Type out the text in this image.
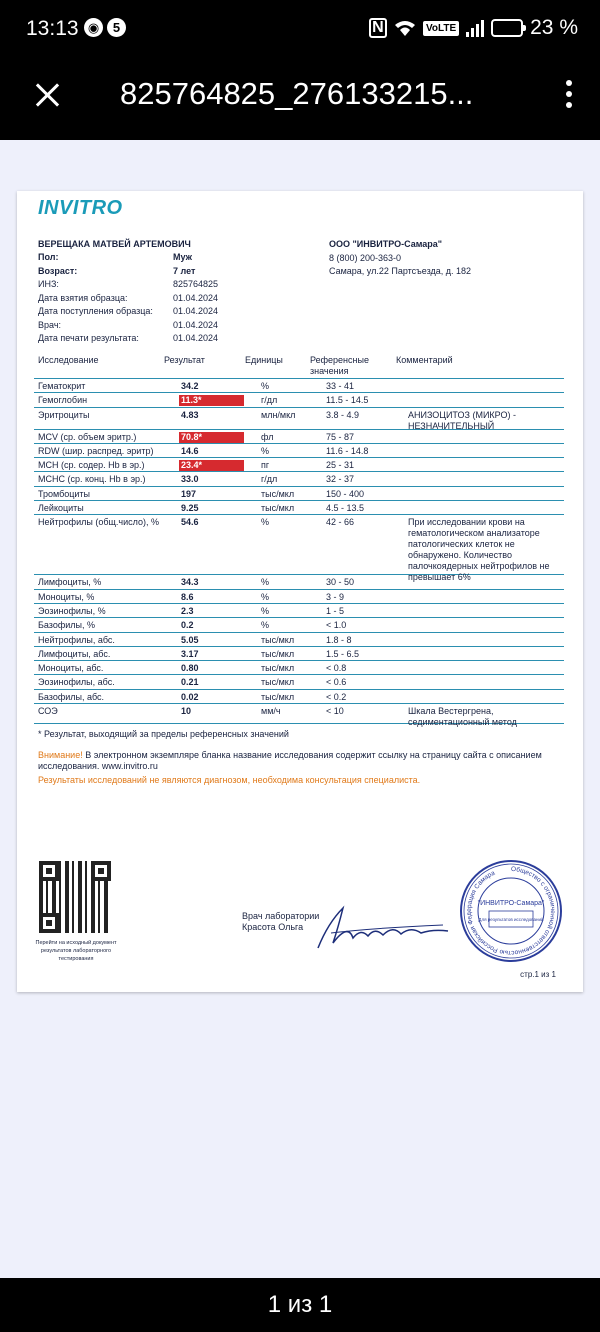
13:13 ◉	5	N	VoLTE	23 %
825764825_276133215...
INVITRO
ВЕРЕЩАКА МАТВЕЙ АРТЕМОВИЧ
Пол:	Муж
Возраст:	7 лет
ИНЗ:	825764825
Дата взятия образца:	01.04.2024
Дата поступления образца:	01.04.2024
Врач:	01.04.2024
Дата печати результата:	01.04.2024
ООО "ИНВИТРО-Самара"
8 (800) 200-363-0
Самара, ул.22 Партсъезда, д. 182
Исследование	Результат	Единицы	Референсные
значения
Комментарий
Гематокрит	34.2	%	33 - 41
Гемоглобин	11.3*	г/дл	11.5 - 14.5
Эритроциты	4.83	млн/мкл	3.8 - 4.9	АНИЗОЦИТОЗ (МИКРО) - НЕЗНАЧИТЕЛЬНЫЙ
MCV (ср. объем эритр.)	70.8*	фл	75 - 87
RDW (шир. распред. эритр)	14.6	%	11.6 - 14.8
MCH (ср. содер. Hb в эр.)	23.4*	пг	25 - 31
MCHC (ср. конц. Hb в эр.)	33.0	г/дл	32 - 37
Тромбоциты	197	тыс/мкл	150 - 400
Лейкоциты	9.25	тыс/мкл	4.5 - 13.5
Нейтрофилы (общ.число), %	54.6	%	42 - 66	При исследовании крови на гематологическом анализаторе патологических клеток не обнаружено. Количество палочкоядерных нейтрофилов не превышает 6%
Лимфоциты, %	34.3	%	30 - 50
Моноциты, %	8.6	%	3 - 9
Эозинофилы, %	2.3	%	1 - 5
Базофилы, %	0.2	%	< 1.0
Нейтрофилы, абс.	5.05	тыс/мкл	1.8 - 8
Лимфоциты, абс.	3.17	тыс/мкл	1.5 - 6.5
Моноциты, абс.	0.80	тыс/мкл	< 0.8
Эозинофилы, абс.	0.21	тыс/мкл	< 0.6
Базофилы, абс.	0.02	тыс/мкл	< 0.2
СОЭ	10	мм/ч	< 10	Шкала Вестергрена, седиментационный метод
* Результат, выходящий за пределы референсных значений
Внимание! В электронном экземпляре бланка название исследования содержит ссылку на страницу сайта с описанием исследования. www.invitro.ru
Результаты исследований не являются диагнозом, необходима консультация специалиста.
Перейти на исходный документ результатов лабораторного тестирования
Врач лаборатории
Красота Ольга
Общество с ограниченной ответственностью Российская Федерация Самара
"ИНВИТРО-Самара"
Для результатов исследований
стр.1 из 1
1 из 1
